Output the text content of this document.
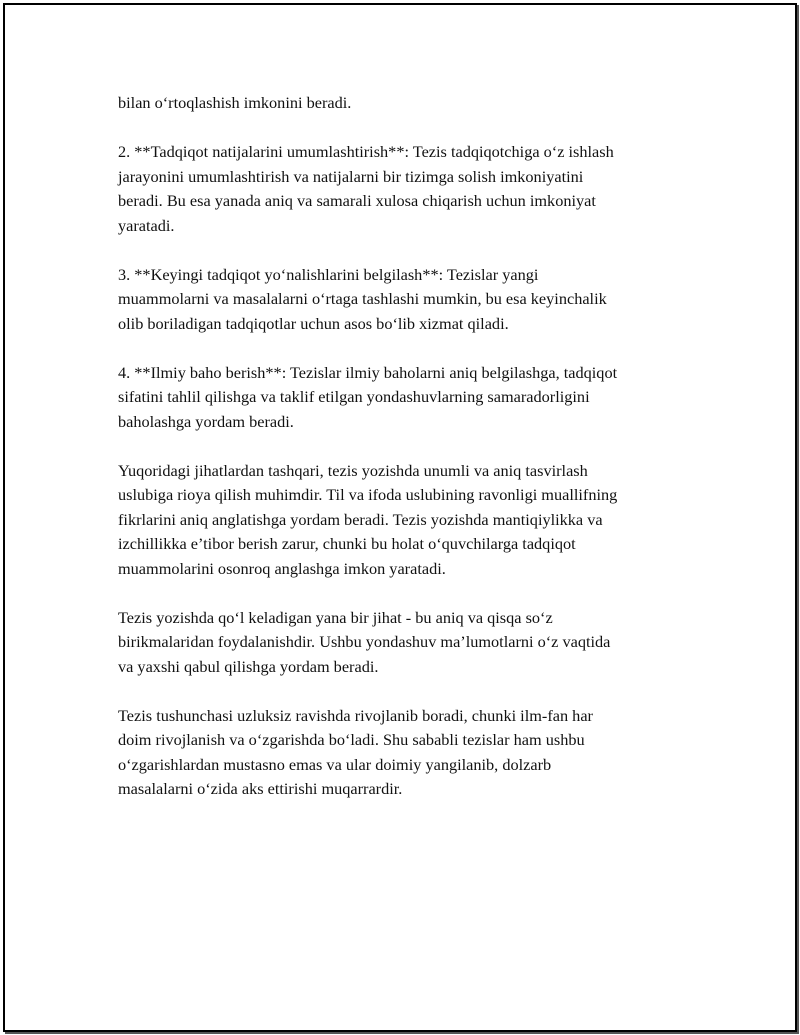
bilan o‘rtoqlashish imkonini beradi.

2. **Tadqiqot natijalarini umumlashtirish**: Tezis tadqiqotchiga o‘z ishlash
jarayonini umumlashtirish va natijalarni bir tizimga solish imkoniyatini
beradi. Bu esa yanada aniq va samarali xulosa chiqarish uchun imkoniyat
yaratadi.

3. **Keyingi tadqiqot yo‘nalishlarini belgilash**: Tezislar yangi
muammolarni va masalalarni o‘rtaga tashlashi mumkin, bu esa keyinchalik
olib boriladigan tadqiqotlar uchun asos bo‘lib xizmat qiladi.

4. **Ilmiy baho berish**: Tezislar ilmiy baholarni aniq belgilashga, tadqiqot
sifatini tahlil qilishga va taklif etilgan yondashuvlarning samaradorligini
baholashga yordam beradi.

Yuqoridagi jihatlardan tashqari, tezis yozishda unumli va aniq tasvirlash
uslubiga rioya qilish muhimdir. Til va ifoda uslubining ravonligi muallifning
fikrlarini aniq anglatishga yordam beradi. Tezis yozishda mantiqiylikka va
izchillikka e’tibor berish zarur, chunki bu holat o‘quvchilarga tadqiqot
muammolarini osonroq anglashga imkon yaratadi.

Tezis yozishda qo‘l keladigan yana bir jihat - bu aniq va qisqa so‘z
birikmalaridan foydalanishdir. Ushbu yondashuv ma’lumotlarni o‘z vaqtida
va yaxshi qabul qilishga yordam beradi.

Tezis tushunchasi uzluksiz ravishda rivojlanib boradi, chunki ilm-fan har
doim rivojlanish va o‘zgarishda bo‘ladi. Shu sababli tezislar ham ushbu
o‘zgarishlardan mustasno emas va ular doimiy yangilanib, dolzarb
masalalarni o‘zida aks ettirishi muqarrardir.
